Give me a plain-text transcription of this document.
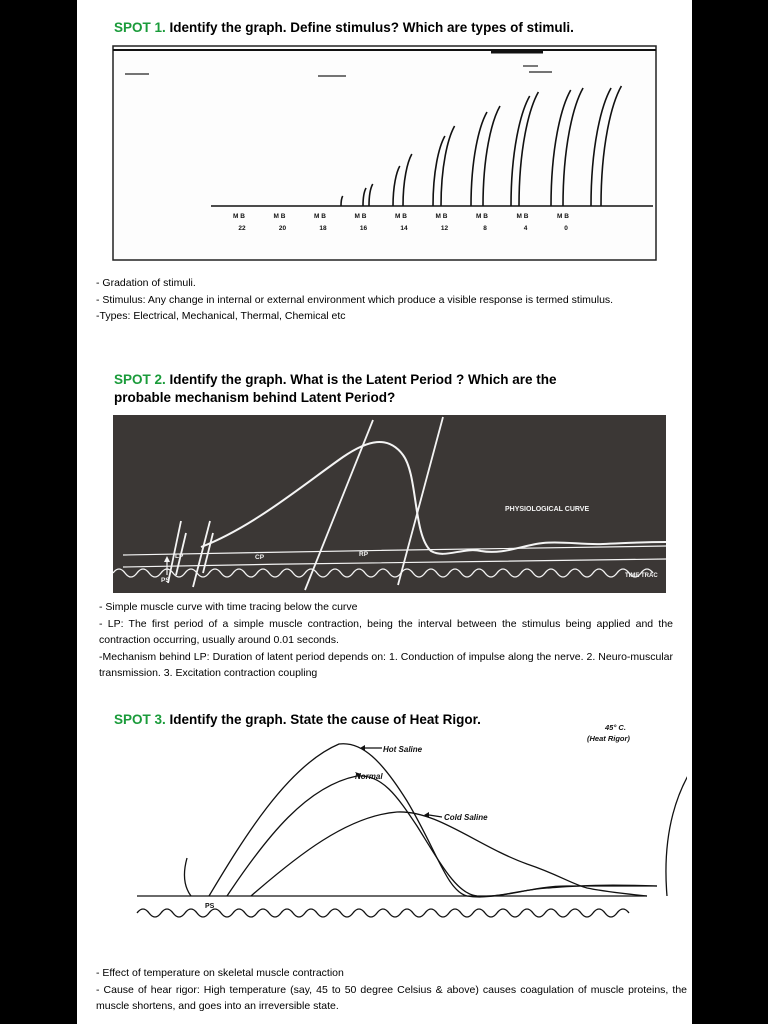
SPOT 1. Identify the graph. Define stimulus? Which are types of stimuli.
M B
22
M B
20
M B
18
M B
16
M B
14
M B
12
M B
8
M B
4
M B
0

- Gradation of stimuli.

- Stimulus: Any change in internal or external environment which produce a visible response is termed stimulus.

-Types: Electrical, Mechanical, Thermal, Chemical etc

SPOT 2. Identify the graph. What is the Latent Period ? Which are the
probable mechanism behind Latent Period?
PHYSIOLOGICAL CURVE
LP	CP	RP
PS
TIME TRAC

- Simple muscle curve with time tracing below the curve

- LP: The first period of a simple muscle contraction, being the interval between the stimulus being applied and the contraction occurring, usually around 0.01 seconds.

-Mechanism behind LP: Duration of latent period depends on: 1. Conduction of impulse along the nerve. 2. Neuro-muscular transmission. 3. Excitation contraction coupling

SPOT 3. Identify the graph. State the cause of Heat Rigor.
Hot Saline
Normal
Cold Saline
PS
45° C.
(Heat Rigor)

- Effect of temperature on skeletal muscle contraction

- Cause of hear rigor: High temperature (say, 45 to 50 degree Celsius & above) causes coagulation of muscle proteins, the muscle shortens, and goes into an irreversible state.
